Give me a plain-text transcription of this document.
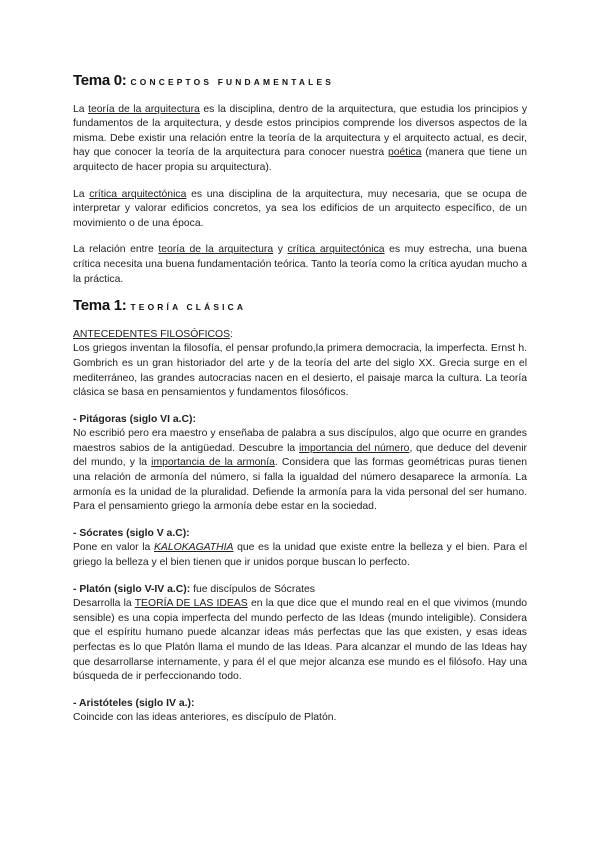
Tema 0: CONCEPTOS FUNDAMENTALES

La teoría de la arquitectura es la disciplina, dentro de la arquitectura, que estudia los principios y fundamentos de la arquitectura, y desde estos principios comprende los diversos aspectos de la misma. Debe existir una relación entre la teoría de la arquitectura y el arquitecto actual, es decir, hay que conocer la teoría de la arquitectura para conocer nuestra poética (manera que tiene un arquitecto de hacer propia su arquitectura).

La crítica arquitectónica es una disciplina de la arquitectura, muy necesaria, que se ocupa de interpretar y valorar edificios concretos, ya sea los edificios de un arquitecto específico, de un movimiento o de una época.

La relación entre teoría de la arquitectura y crítica arquitectónica es muy estrecha, una buena crítica necesita una buena fundamentación teórica. Tanto la teoría como la crítica ayudan mucho a la práctica.

Tema 1: TEORÍA CLÁSICA
ANTECEDENTES FILOSÓFICOS:

Los griegos inventan la filosofía, el pensar profundo,la primera democracia, la imperfecta. Ernst h. Gombrich es un gran historiador del arte y de la teoría del arte del siglo XX. Grecia surge en el mediterráneo, las grandes autocracias nacen en el desierto, el paisaje marca la cultura. La teoría clásica se basa en pensamientos y fundamentos filosóficos.

- Pitágoras (siglo VI a.C):

No escribió pero era maestro y enseñaba de palabra a sus discípulos, algo que ocurre en grandes maestros sabios de la antigüedad. Descubre la importancia del número, que deduce del devenir del mundo, y la importancia de la armonía. Considera que las formas geométricas puras tienen una relación de armonía del número, si falla la igualdad del número desaparece la armonía. La armonía es la unidad de la pluralidad. Defiende la armonía para la vida personal del ser humano. Para el pensamiento griego la armonía debe estar en la sociedad.

- Sócrates (siglo V a.C):

Pone en valor la KALOKAGATHIA que es la unidad que existe entre la belleza y el bien. Para el griego la belleza y el bien tienen que ir unidos porque buscan lo perfecto.

- Platón (siglo V-IV a.C): fue discípulos de Sócrates

Desarrolla la TEORÍA DE LAS IDEAS en la que dice que el mundo real en el que vivimos (mundo sensible) es una copia imperfecta del mundo perfecto de las Ideas (mundo inteligible). Considera que el espíritu humano puede alcanzar ideas más perfectas que las que existen, y esas ideas perfectas es lo que Platón llama el mundo de las Ideas. Para alcanzar el mundo de las Ideas hay que desarrollarse internamente, y para él el que mejor alcanza ese mundo es el filósofo. Hay una búsqueda de ir perfeccionando todo.

- Aristóteles (siglo IV a.):

Coincide con las ideas anteriores, es discípulo de Platón.
